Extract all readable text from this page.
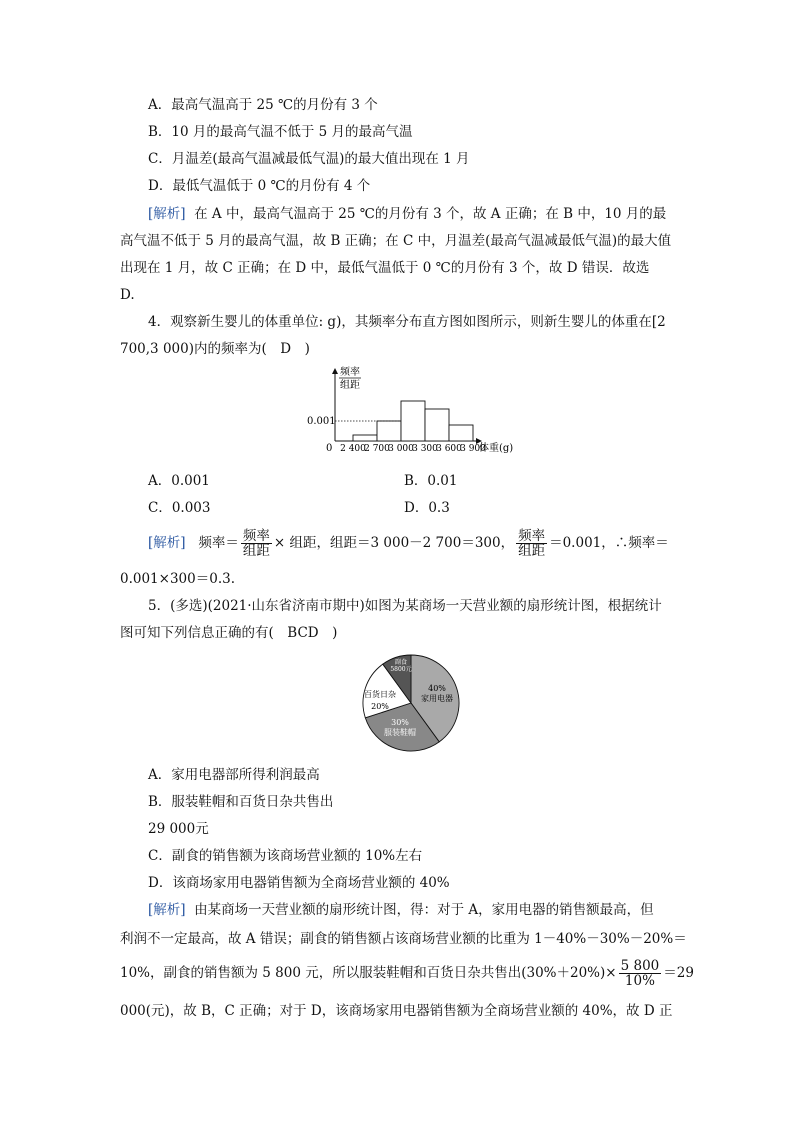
A．最高气温高于 25 ℃的月份有 3 个
B．10 月的最高气温不低于 5 月的最高气温
C．月温差(最高气温减最低气温)的最大值出现在 1 月
D．最低气温低于 0 ℃的月份有 4 个
[解析] 在 A 中，最高气温高于 25 ℃的月份有 3 个，故 A 正确；在 B 中，10 月的最
高气温不低于 5 月的最高气温，故 B 正确；在 C 中，月温差(最高气温减最低气温)的最大值
出现在 1 月，故 C 正确；在 D 中，最低气温低于 0 ℃的月份有 3 个，故 D 错误．故选
D.
4．观察新生婴儿的体重单位: g)，其频率分布直方图如图所示，则新生婴儿的体重在[2
700,3 000)内的频率为(　D　)
频率
组距
0.001
0 2 400
2 700
3 000
3 300
3 600
3 900
体重(g)
A．0.001	B．0.01
C．0.003	D．0.3
[解析] 频率＝ $\frac{\text{频率}}{\text{组距}}$ × 组距，组距＝3 000－2 700＝300， $\frac{\text{频率}}{\text{组距}} =0.001$，∴频率＝
0.001×300＝0.3.
5．(多选)(2021·山东省济南市期中)如图为某商场一天营业额的扇形统计图，根据统计
图可知下列信息正确的有(　BCD　)
40%
家用电器
30%
服装鞋帽
百货日杂
20%
副食
5800元
A．家用电器部所得利润最高
B．服装鞋帽和百货日杂共售出
29 000元
C．副食的销售额为该商场营业额的 10%左右
D．该商场家用电器销售额为全商场营业额的 40%
[解析] 由某商场一天营业额的扇形统计图，得：对于 A，家用电器的销售额最高，但
利润不一定最高，故 A 错误；副食的销售额占该商场营业额的比重为 1－40%－30%－20%＝
10%，副食的销售额为 5 800 元，所以服装鞋帽和百货日杂共售出$(30\%+20\%)\times \frac{5 800}{10\%} =29$
000(元)，故 B，C 正确；对于 D，该商场家用电器销售额为全商场营业额的 40%，故 D 正
